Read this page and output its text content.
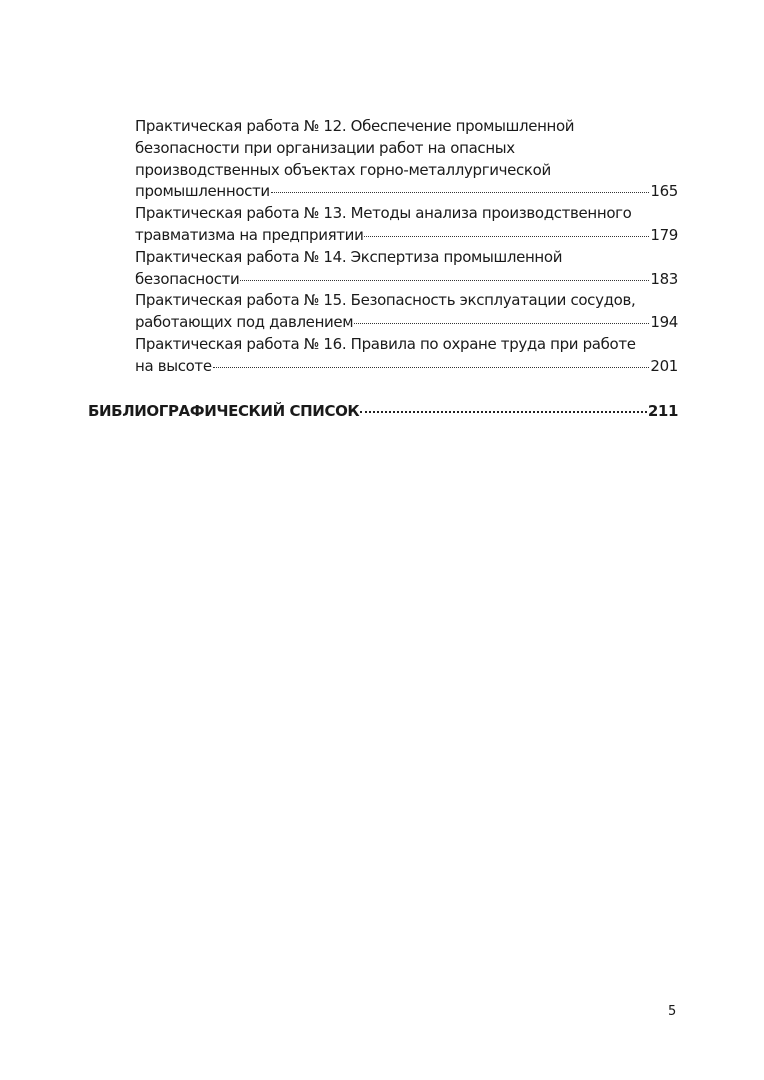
Практическая работа № 12. Обеспечение промышленной
безопасности при организации работ на опасных
производственных объектах горно-металлургической
промышленности	165
Практическая работа № 13. Методы анализа производственного
травматизма на предприятии	179
Практическая работа № 14. Экспертиза промышленной
безопасности	183
Практическая работа № 15. Безопасность эксплуатации сосудов,
работающих под давлением	194
Практическая работа № 16. Правила по охране труда при работе
на высоте	201
БИБЛИОГРАФИЧЕСКИЙ СПИСОК	211
5
